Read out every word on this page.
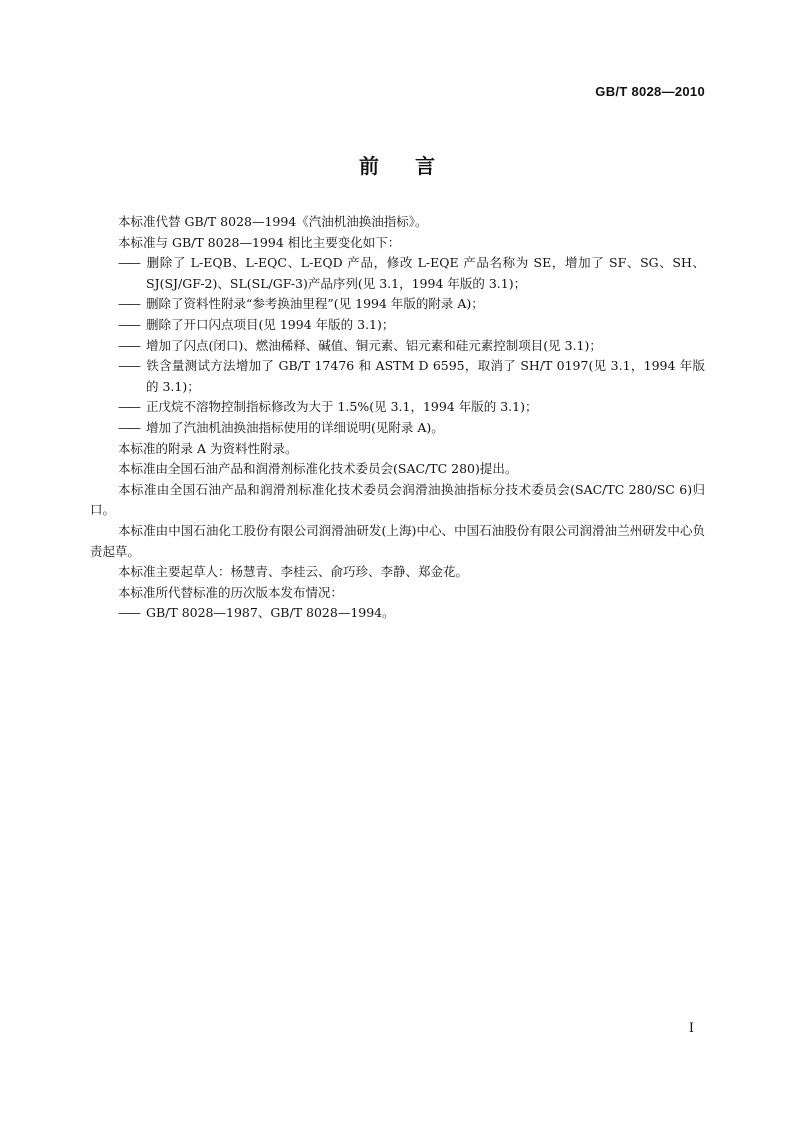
GB/T 8028—2010
前 言

本标准代替 GB/T 8028—1994《汽油机油换油指标》。

本标准与 GB/T 8028—1994 相比主要变化如下：

—— 删除了 L-EQB、L-EQC、L-EQD 产品，修改 L-EQE 产品名称为 SE，增加了 SF、SG、SH、SJ(SJ/GF-2)、SL(SL/GF-3)产品序列(见 3.1，1994 年版的 3.1)；

—— 删除了资料性附录“参考换油里程”(见 1994 年版的附录 A)；

—— 删除了开口闪点项目(见 1994 年版的 3.1)；

—— 增加了闪点(闭口)、燃油稀释、碱值、铜元素、铝元素和硅元素控制项目(见 3.1)；

—— 铁含量测试方法增加了 GB/T 17476 和 ASTM D 6595，取消了 SH/T 0197(见 3.1，1994 年版的 3.1)；

—— 正戊烷不溶物控制指标修改为大于 1.5%(见 3.1，1994 年版的 3.1)；

—— 增加了汽油机油换油指标使用的详细说明(见附录 A)。

本标准的附录 A 为资料性附录。

本标准由全国石油产品和润滑剂标准化技术委员会(SAC/TC 280)提出。

本标准由全国石油产品和润滑剂标准化技术委员会润滑油换油指标分技术委员会(SAC/TC 280/SC 6)归口。

本标准由中国石油化工股份有限公司润滑油研发(上海)中心、中国石油股份有限公司润滑油兰州研发中心负责起草。

本标准主要起草人：杨慧青、李桂云、俞巧珍、李静、郑金花。

本标准所代替标准的历次版本发布情况：

—— GB/T 8028—1987、GB/T 8028—1994。

I
